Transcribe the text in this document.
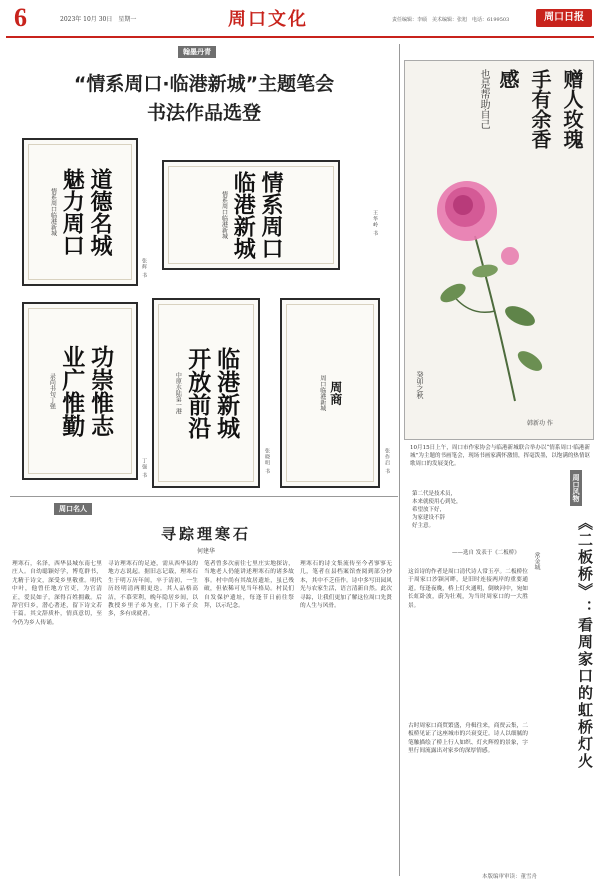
6	2023年 10月 30日　星期一	周口文化	责任编辑：李硕　美术编辑：张旭　电话：6199503	周口日报
翰墨丹青
“情系周口·临港新城”主题笔会
书法作品选登
道德名城
魅力周口
情系周口临港新城
张辉 书
情系周口
临港新城
情系周口临港新城	王华岭 书
功崇惟志
业广惟勤
录尚书句丁强
丁强 书
临港新城
开放前沿
中原水陆第一港
张晓明 书
周商
周口临港新城
张作启 书
赠人玫瑰
手有余香
感
也是帮助自己
癸卯之秋
韩新功 作
10月15日上午，周口市作家协会与临港新城联合举办以“情系周口·临港新城”为主题的书画笔会，现场书画家满怀激情，挥毫泼墨，以饱满的热情讴歌周口的发展变化。
周口名人
寻踪理寒石
何建华
理寒石，名泽，西华县城东南七里庄人。自幼聪颖好学，博览群书，尤精于诗文，深受乡里敬重。明代中叶，他曾任地方官吏，为官清正，爱民如子，深得百姓拥戴。后辞官归乡，潜心著述，留下诗文若干篇。其文辞质朴，情真意切，至今仍为乡人传诵。
寻访理寒石的足迹，需从西华县的地方志说起。据旧志记载，理寒石生于明万历年间，卒于清初，一生历经明清两朝更迭。其人品格高洁，不慕荣利，晚年隐居乡间，以教授乡里子弟为业，门下弟子众多，多有成就者。
笔者曾多次前往七里庄实地探访，当地老人仍能讲述理寒石的诸多故事。村中尚有其故居遗址，虽已残破，但依稀可见当年格局。村民们自发保护遗址，每逢节日前往祭拜，以示纪念。
理寒石的诗文集流传至今者寥寥无几，笔者在县档案馆查阅到部分抄本，其中不乏佳作。诗中多写田园风光与农家生活，语言清新自然。此次寻踪，让我们更加了解这位周口先贤的人生与风骨。
第二代是技术员，
本来就使用心到处，
希望放下好，
为家建设不辞
好主意。
——选自 发表于《二板桥》
周口风物
《二板桥》：看周家口的虹桥灯火
常金城
这首诗的作者是周口清代诗人常玉亭。二板桥位于周家口沙颍河畔，是旧时连接两岸的重要通道。每逢夜晚，桥上灯火通明，倒映河中，宛如长虹卧波，蔚为壮观，为当时周家口的一大胜景。
古时周家口商贸繁盛，舟楫往来，商贾云集，二板桥见证了这座城市的兴衰变迁。诗人以细腻的笔触描绘了桥上行人如织、灯火辉煌的景象，字里行间流露出对家乡的深厚情感。
本版编审审读：董雪舟
